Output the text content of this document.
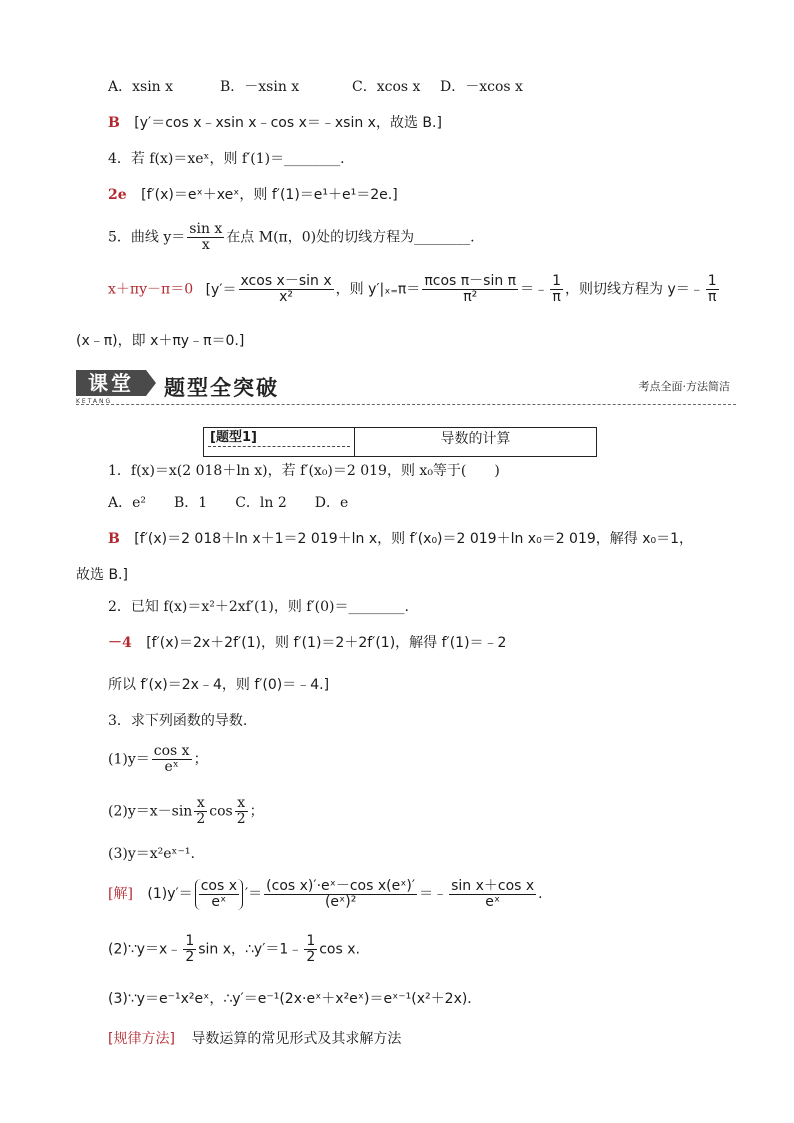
A．xsin x	B．－xsin x	C．xcos x D．－xcos x
B [y′＝cos x﹣xsin x﹣cos x＝﹣xsin x，故选 B.]
4．若 f(x)＝xeˣ，则 f′(1)＝________.
2e [f′(x)＝eˣ＋xeˣ，则 f′(1)＝e¹＋e¹＝2e.]
5．曲线 $y= \frac{\text{sin x}}{x}$ 在点 M(π，0)处的切线方程为________.
x＋πy－π＝0 [$y'= \frac{\text{xcos x－sin x}}{\text{x²}}$ ，则 $y'|_{x=}\pi= \frac{\text{πcos π－sin π}}{\text{π²}}$ ＝﹣ $\frac{1}{\pi}$ ，则切线方程为 y＝﹣ $\frac{1}{\pi}$
(x﹣π)，即 x＋πy﹣π＝0.]
课堂
KETANG
题型全突破	考点全面·方法简洁
[题型1]	导数的计算
1．f(x)＝x(2 018＋ln x)，若 f′(x₀)＝2 019，则 x₀等于(　　)
A．e²　　B．1　　C．ln 2　　D．e
B [f′(x)＝2 018＋ln x＋1＝2 019＋ln x，则 f′(x₀)＝2 019＋ln x₀＝2 019，解得 x₀＝1，
故选 B.]
2．已知 f(x)＝x²＋2xf′(1)，则 f′(0)＝________.
－4 [f′(x)＝2x＋2f′(1)，则 f′(1)＝2＋2f′(1)，解得 f′(1)＝﹣2
所以 f′(x)＝2x﹣4，则 f′(0)＝﹣4.]
3．求下列函数的导数.
$(1)y= \frac{\text{cos x}}{\text{eˣ}}$ ；
$(2)y=x-\sin \frac{x}{2}$ $\cos \frac{x}{2}$ ；
(3)y＝x²eˣ⁻¹.
[解] $(1)y'= \frac{\text{cos x}}{\text{eˣ}}$ ′＝ $\frac{\text{(cos x)′·eˣ－cos x(eˣ)′}}{\text{(eˣ)²}}$ ＝﹣ $\frac{\text{sin x＋cos x}}{\text{eˣ}}$ .
(2)∵y＝x﹣ $\frac{1}{2}$ sin x，∴y′＝1﹣ $\frac{1}{2}$ cos x.
(3)∵y＝e⁻¹x²eˣ，∴y′＝e⁻¹(2x·eˣ＋x²eˣ)＝eˣ⁻¹(x²＋2x)．
[规律方法] 导数运算的常见形式及其求解方法
